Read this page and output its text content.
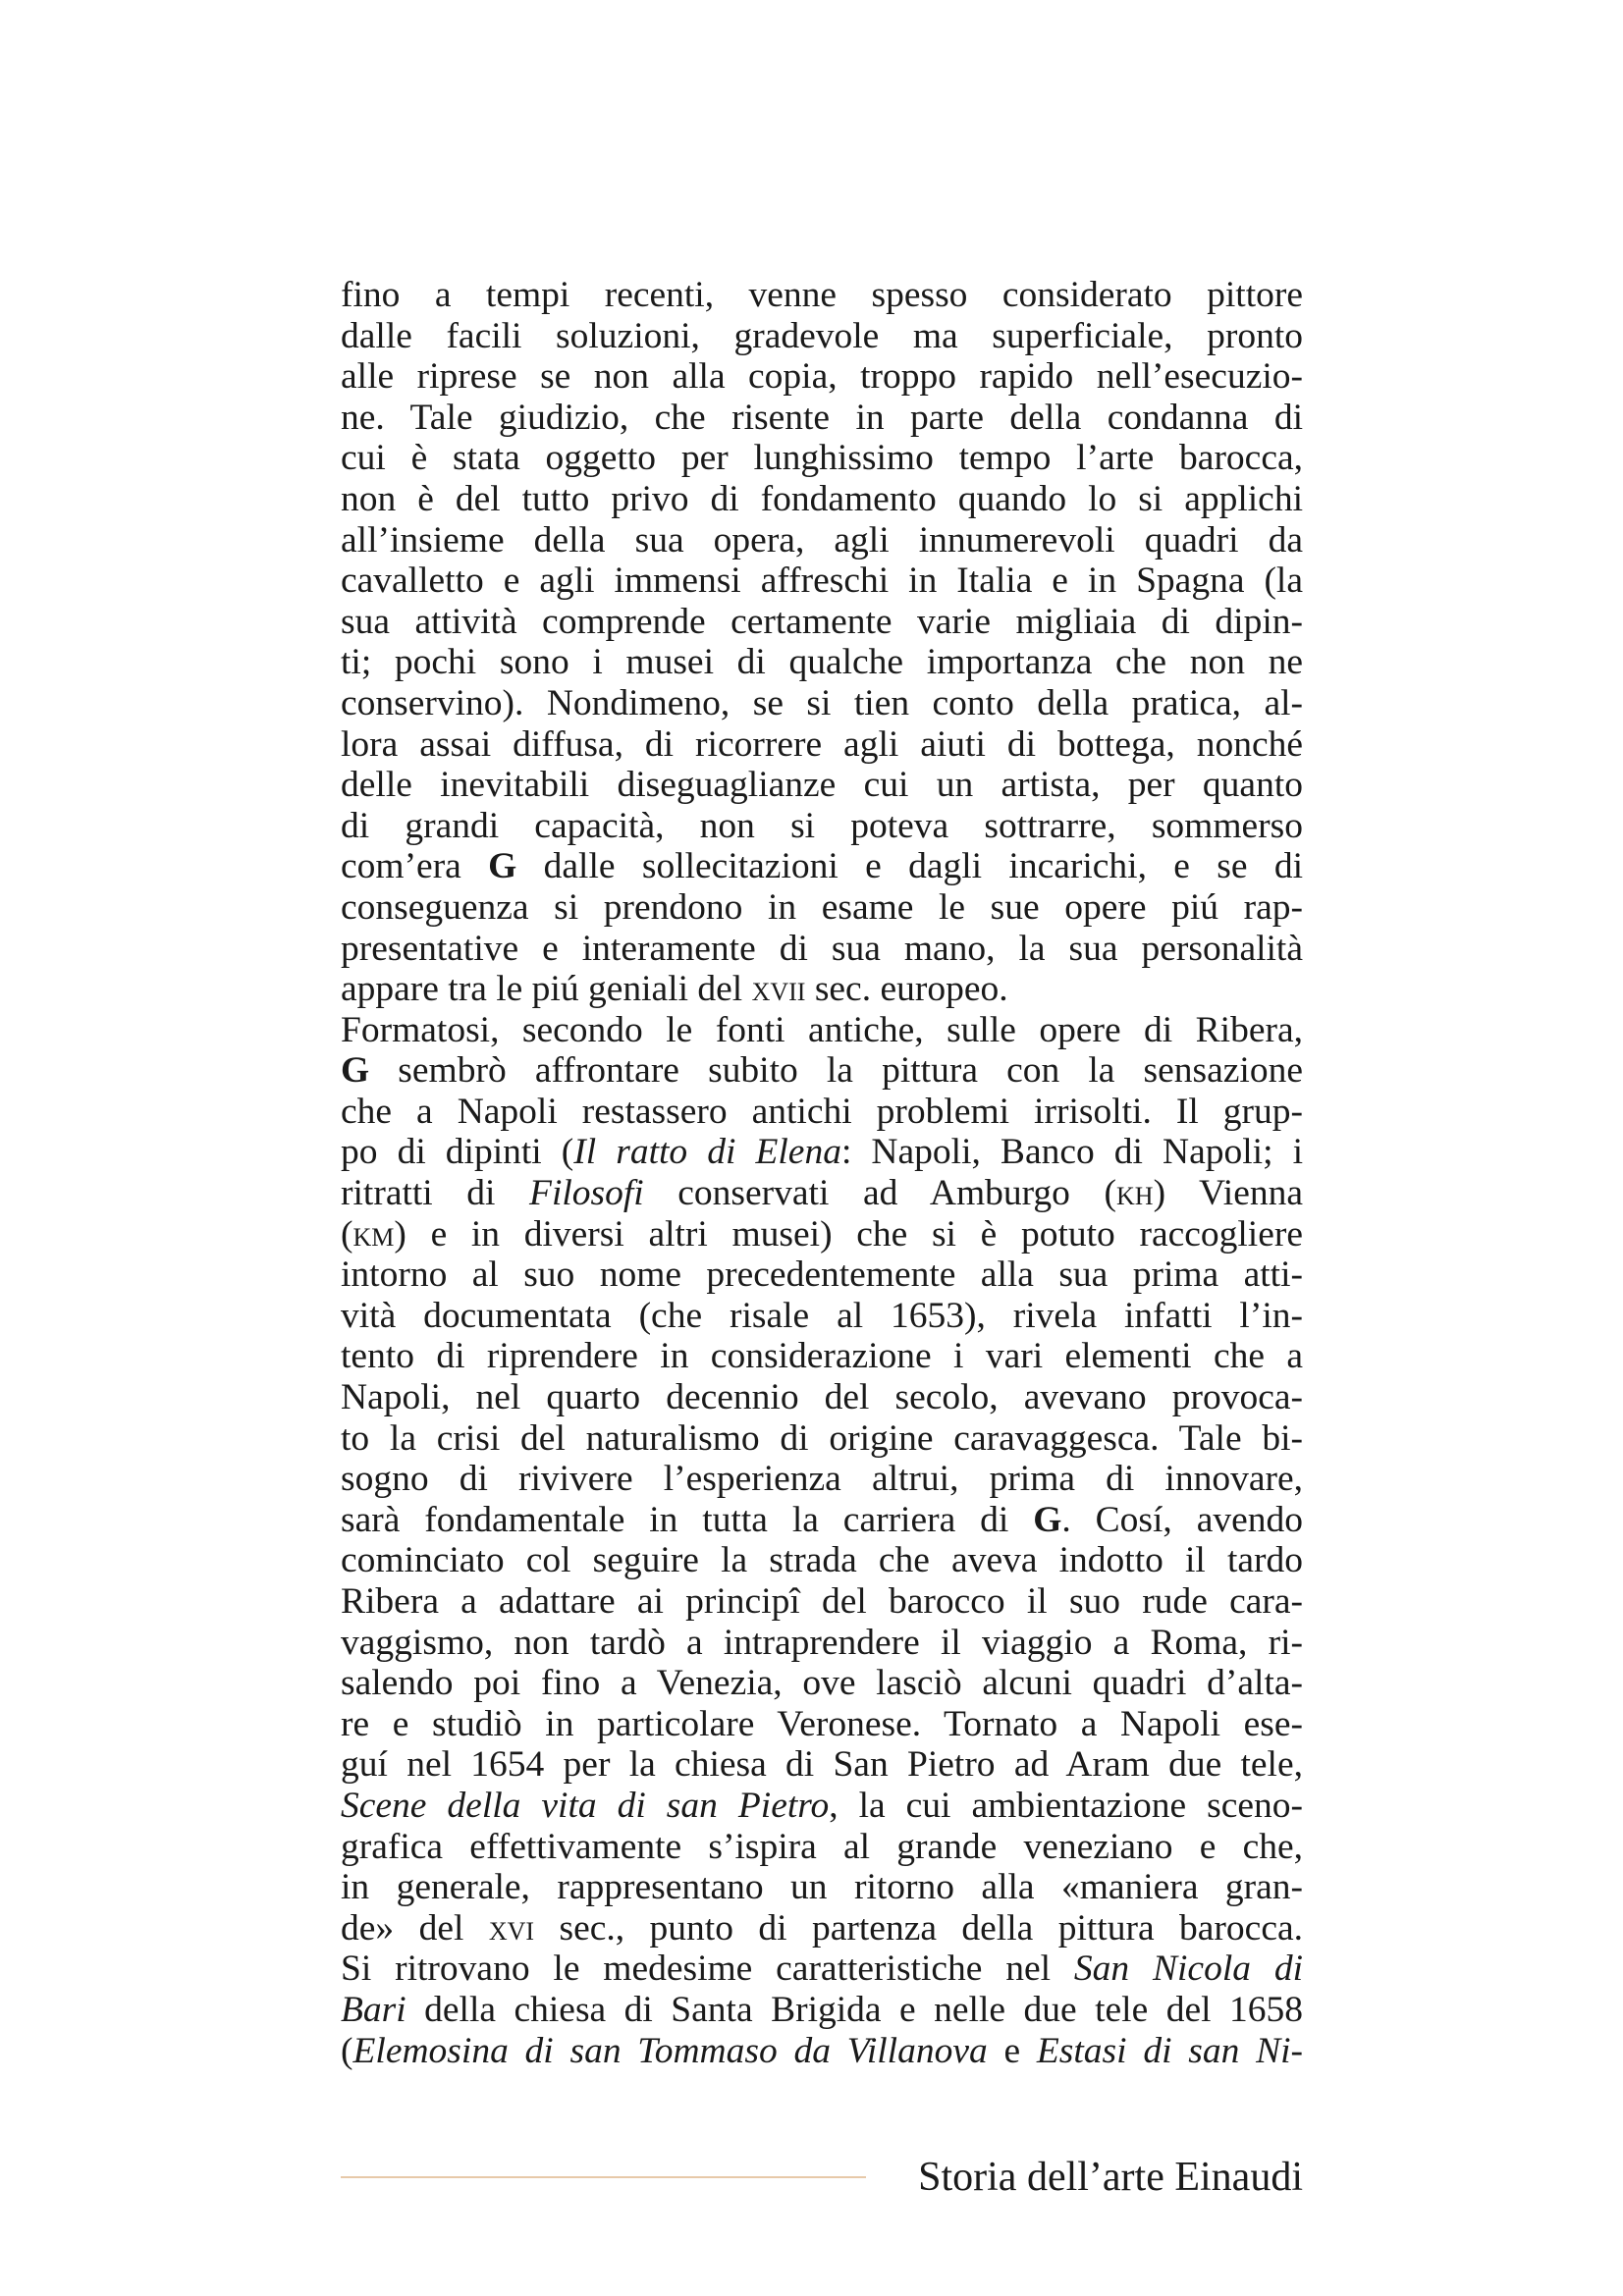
fino a tempi recenti, venne spesso considerato pittore
dalle facili soluzioni, gradevole ma superficiale, pronto
alle riprese se non alla copia, troppo rapido nell’esecuzio-
ne. Tale giudizio, che risente in parte della condanna di
cui è stata oggetto per lunghissimo tempo l’arte barocca,
non è del tutto privo di fondamento quando lo si applichi
all’insieme della sua opera, agli innumerevoli quadri da
cavalletto e agli immensi affreschi in Italia e in Spagna (la
sua attività comprende certamente varie migliaia di dipin-
ti; pochi sono i musei di qualche importanza che non ne
conservino). Nondimeno, se si tien conto della pratica, al-
lora assai diffusa, di ricorrere agli aiuti di bottega, nonché
delle inevitabili diseguaglianze cui un artista, per quanto
di grandi capacità, non si poteva sottrarre, sommerso
com’era G dalle sollecitazioni e dagli incarichi, e se di
conseguenza si prendono in esame le sue opere piú rap-
presentative e interamente di sua mano, la sua personalità
appare tra le piú geniali del xvii sec. europeo.
Formatosi, secondo le fonti antiche, sulle opere di Ribera,
G sembrò affrontare subito la pittura con la sensazione
che a Napoli restassero antichi problemi irrisolti. Il grup-
po di dipinti (Il ratto di Elena: Napoli, Banco di Napoli; i
ritratti di Filosofi conservati ad Amburgo (kh) Vienna
(km) e in diversi altri musei) che si è potuto raccogliere
intorno al suo nome precedentemente alla sua prima atti-
vità documentata (che risale al 1653), rivela infatti l’in-
tento di riprendere in considerazione i vari elementi che a
Napoli, nel quarto decennio del secolo, avevano provoca-
to la crisi del naturalismo di origine caravaggesca. Tale bi-
sogno di rivivere l’esperienza altrui, prima di innovare,
sarà fondamentale in tutta la carriera di G. Cosí, avendo
cominciato col seguire la strada che aveva indotto il tardo
Ribera a adattare ai principî del barocco il suo rude cara-
vaggismo, non tardò a intraprendere il viaggio a Roma, ri-
salendo poi fino a Venezia, ove lasciò alcuni quadri d’alta-
re e studiò in particolare Veronese. Tornato a Napoli ese-
guí nel 1654 per la chiesa di San Pietro ad Aram due tele,
Scene della vita di san Pietro, la cui ambientazione sceno-
grafica effettivamente s’ispira al grande veneziano e che,
in generale, rappresentano un ritorno alla «maniera gran-
de» del xvi sec., punto di partenza della pittura barocca.
Si ritrovano le medesime caratteristiche nel San Nicola di
Bari della chiesa di Santa Brigida e nelle due tele del 1658
(Elemosina di san Tommaso da Villanova e Estasi di san Ni-
Storia dell’arte Einaudi
